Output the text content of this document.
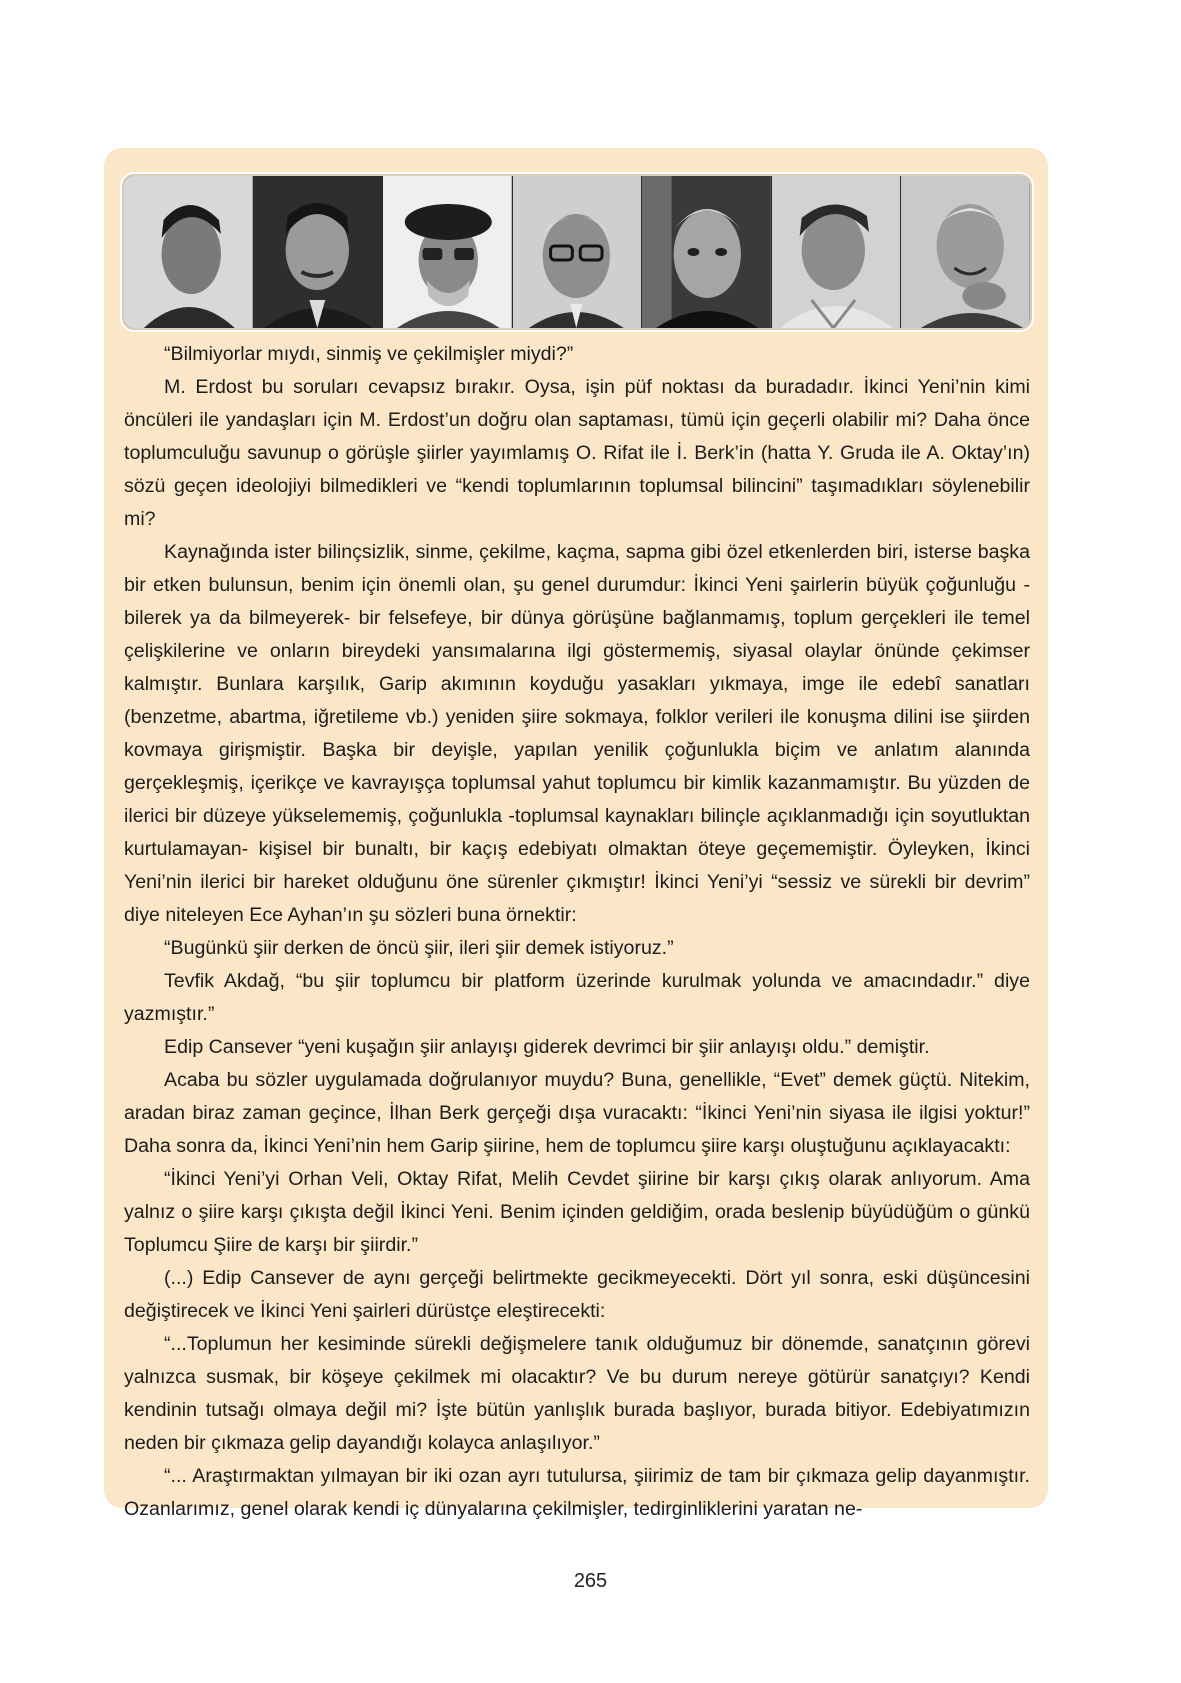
“Bilmiyorlar mıydı, sinmiş ve çekilmişler miydi?”

M. Erdost bu soruları cevapsız bırakır. Oysa, işin püf noktası da buradadır. İkinci Yeni’nin kimi öncüleri ile yandaşları için M. Erdost’un doğru olan saptaması, tümü için geçerli olabilir mi? Daha önce toplumculuğu savunup o görüşle şiirler yayımlamış O. Rifat ile İ. Berk’in (hatta Y. Gruda ile A. Oktay’ın) sözü geçen ideolojiyi bilmedikleri ve “kendi toplumlarının toplumsal bilincini” taşımadıkları söylenebilir mi?

Kaynağında ister bilinçsizlik, sinme, çekilme, kaçma, sapma gibi özel etkenlerden biri, isterse başka bir etken bulunsun, benim için önemli olan, şu genel durumdur: İkinci Yeni şairlerin büyük çoğunluğu -bilerek ya da bilmeyerek- bir felsefeye, bir dünya görüşüne bağlanmamış, toplum gerçekleri ile temel çelişkilerine ve onların bireydeki yansımalarına ilgi göstermemiş, siyasal olaylar önünde çekimser kalmıştır. Bunlara karşılık, Garip akımının koyduğu yasakları yıkmaya, imge ile edebî sanatları (benzetme, abartma, iğretileme vb.) yeniden şiire sokmaya, folklor verileri ile konuşma dilini ise şiirden kovmaya girişmiştir. Başka bir deyişle, yapılan yenilik çoğunlukla biçim ve anlatım alanında gerçekleşmiş, içerikçe ve kavrayışça toplumsal yahut toplumcu bir kimlik kazanmamıştır. Bu yüzden de ilerici bir düzeye yükselememiş, çoğunlukla -toplumsal kaynakları bilinçle açıklanmadığı için soyutluktan kurtulamayan- kişisel bir bunaltı, bir kaçış edebiyatı olmaktan öteye geçememiştir. Öyleyken, İkinci Yeni’nin ilerici bir hareket olduğunu öne sürenler çıkmıştır! İkinci Yeni’yi “sessiz ve sürekli bir devrim” diye niteleyen Ece Ayhan’ın şu sözleri buna örnektir:

“Bugünkü şiir derken de öncü şiir, ileri şiir demek istiyoruz.”

Tevfik Akdağ, “bu şiir toplumcu bir platform üzerinde kurulmak yolunda ve amacındadır.” diye yazmıştır.”

Edip Cansever “yeni kuşağın şiir anlayışı giderek devrimci bir şiir anlayışı oldu.” demiştir.

Acaba bu sözler uygulamada doğrulanıyor muydu? Buna, genellikle, “Evet” demek güçtü. Nitekim, aradan biraz zaman geçince, İlhan Berk gerçeği dışa vuracaktı: “İkinci Yeni’nin siyasa ile ilgisi yoktur!” Daha sonra da, İkinci Yeni’nin hem Garip şiirine, hem de toplumcu şiire karşı oluştuğunu açıklayacaktı:

“İkinci Yeni’yi Orhan Veli, Oktay Rifat, Melih Cevdet şiirine bir karşı çıkış olarak anlıyorum. Ama yalnız o şiire karşı çıkışta değil İkinci Yeni. Benim içinden geldiğim, orada beslenip büyüdüğüm o günkü Toplumcu Şiire de karşı bir şiirdir.”

(...) Edip Cansever de aynı gerçeği belirtmekte gecikmeyecekti. Dört yıl sonra, eski düşüncesini değiştirecek ve İkinci Yeni şairleri dürüstçe eleştirecekti:

“...Toplumun her kesiminde sürekli değişmelere tanık olduğumuz bir dönemde, sanatçının görevi yalnızca susmak, bir köşeye çekilmek mi olacaktır? Ve bu durum nereye götürür sanatçıyı? Kendi kendinin tutsağı olmaya değil mi? İşte bütün yanlışlık burada başlıyor, burada bitiyor. Edebiyatımızın neden bir çıkmaza gelip dayandığı kolayca anlaşılıyor.”

“... Araştırmaktan yılmayan bir iki ozan ayrı tutulursa, şiirimiz de tam bir çıkmaza gelip dayanmıştır. Ozanlarımız, genel olarak kendi iç dünyalarına çekilmişler, tedirginliklerini yaratan ne-

265
